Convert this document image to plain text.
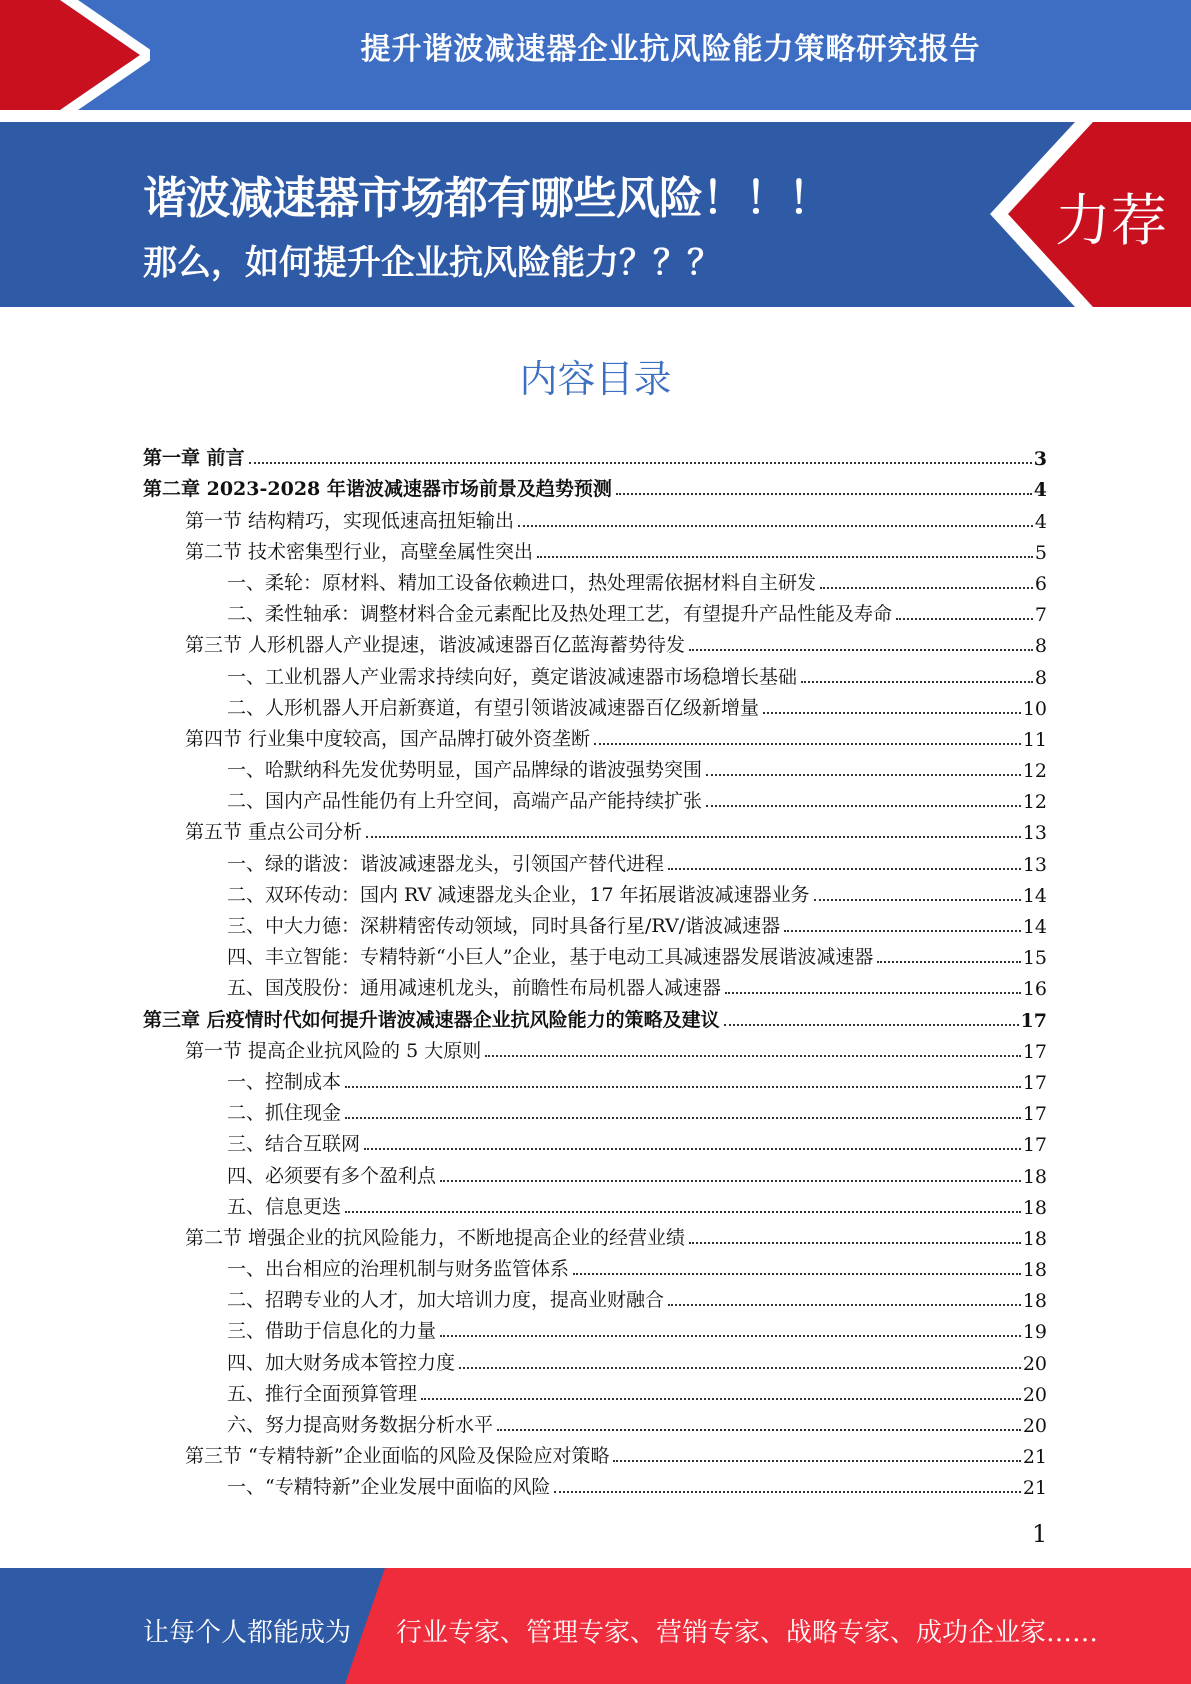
提升谐波减速器企业抗风险能力策略研究报告
谐波减速器市场都有哪些风险！！！
那么，如何提升企业抗风险能力？？？
力荐
内容目录
第一章 前言	3
第二章 2023-2028 年谐波减速器市场前景及趋势预测	4
第一节 结构精巧，实现低速高扭矩输出	4
第二节 技术密集型行业，高壁垒属性突出	5
一、柔轮：原材料、精加工设备依赖进口，热处理需依据材料自主研发	6
二、柔性轴承：调整材料合金元素配比及热处理工艺，有望提升产品性能及寿命	7
第三节 人形机器人产业提速，谐波减速器百亿蓝海蓄势待发	8
一、工业机器人产业需求持续向好，奠定谐波减速器市场稳增长基础	8
二、人形机器人开启新赛道，有望引领谐波减速器百亿级新增量	10
第四节 行业集中度较高，国产品牌打破外资垄断	11
一、哈默纳科先发优势明显，国产品牌绿的谐波强势突围	12
二、国内产品性能仍有上升空间，高端产品产能持续扩张	12
第五节 重点公司分析	13
一、绿的谐波：谐波减速器龙头，引领国产替代进程	13
二、双环传动：国内 RV 减速器龙头企业，17 年拓展谐波减速器业务	14
三、中大力德：深耕精密传动领域，同时具备行星/RV/谐波减速器	14
四、丰立智能：专精特新“小巨人”企业，基于电动工具减速器发展谐波减速器	15
五、国茂股份：通用减速机龙头，前瞻性布局机器人减速器	16
第三章 后疫情时代如何提升谐波减速器企业抗风险能力的策略及建议	17
第一节 提高企业抗风险的 5 大原则	17
一、控制成本	17
二、抓住现金	17
三、结合互联网	17
四、必须要有多个盈利点	18
五、信息更迭	18
第二节 增强企业的抗风险能力，不断地提高企业的经营业绩	18
一、出台相应的治理机制与财务监管体系	18
二、招聘专业的人才，加大培训力度，提高业财融合	18
三、借助于信息化的力量	19
四、加大财务成本管控力度	20
五、推行全面预算管理	20
六、努力提高财务数据分析水平	20
第三节 “专精特新”企业面临的风险及保险应对策略	21
一、“专精特新”企业发展中面临的风险	21
1
让每个人都能成为 行业专家、管理专家、营销专家、战略专家、成功企业家……
